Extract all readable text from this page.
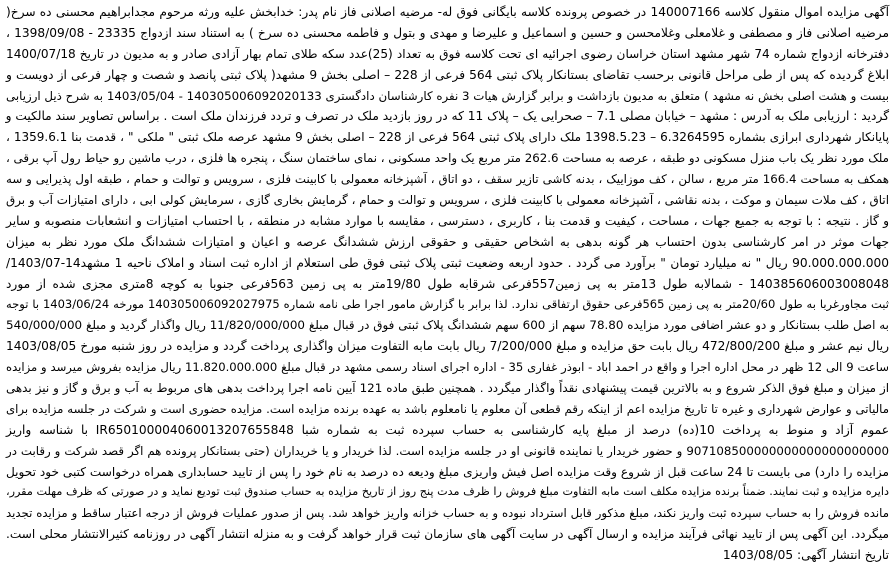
آگهی مزایده اموال منقول کلاسه 140007166 در خصوص پرونده کلاسه بایگانی فوق له- مرضیه اصلانی فاز نام پدر: خدابخش علیه ورثه مرحوم مجدابراهیم محسنی ده سرخ(
مرضیه اصلانی فاز و مصطفی و غلامعلی وغلامحسن و حسین و اسماعیل و علیرضا و مهدی و بتول و فاطمه محسنی ده سرخ ) به استناد سند ازدواج 23335 - 1398/09/08 ،
دفترخانه ازدواج شماره 74 شهر مشهد استان خراسان رضوی اجرائیه ای تحت کلاسه فوق به تعداد (25)عدد سکه طلای تمام بهار آزادی صادر و به مدیون در تاریخ 1400/07/18
ابلاغ گردیده که پس از طی مراحل قانونی برحسب تقاضای بستانکار پلاک ثبتی 564 فرعی از 228 – اصلی بخش 9 مشهد( پلاک ثبتی پانصد و شصت و چهار فرعی از دویست و
بیست و هشت اصلی بخش نه مشهد ) متعلق به مدیون بازداشت و برابر گزارش هیات 3 نفره کارشناسان دادگستری 140305006092020133 - 1403/05/04 به شرح ذیل ارزیابی
گردید : ارزیابی ملک به آدرس : مشهد – خیابان مصلی 7.1 – صحرایی یک – پلاک 11 که در روز بازدید ملک در تصرف و تردد فرزندان ملک است . براساس تصاویر سند مالکیت و
پایانکار شهرداری ابرازی بشماره 6.3264595 – 1398.5.23 ملک دارای پلاک ثبتی 564 فرعی از 228 – اصلی بخش 9 مشهد عرصه ملک ثبتی " ملکی " ، قدمت بنا 1359.6.1 ،
ملک مورد نظر یک باب منزل مسکونی دو طبقه ، عرصه به مساحت 262.6 متر مربع یک واحد مسکونی ، نمای ساختمان سنگ ، پنجره ها فلزی ، درب ماشین رو حیاط رول آپ برقی ،
همکف به مساحت 166.4 متر مربع ، سالن ، کف موزاییک ، بدنه کاشی تازیر سقف ، دو اتاق ، آشپزخانه معمولی با کابینت فلزی ، سرویس و توالت و حمام ، طبقه اول پذیرایی و سه
اتاق ، کف ملات سیمان و موکت ، بدنه نقاشی ، آشپزخانه معمولی با کابینت فلزی ، سرویس و توالت و حمام ، گرمایش بخاری گازی ، سرمایش کولی ابی ، دارای امتیازات آب و برق
و گاز . نتیجه : با توجه به جمیع جهات ، مساحت ، کیفیت و قدمت بنا ، کاربری ، دسترسی ، مقایسه با موارد مشابه در منطقه ، با احتساب امتیازات و انشعابات منصوبه و سایر
جهات موثر در امر کارشناسی بدون احتساب هر گونه بدهی به اشخاص حقیقی و حقوقی ارزش ششدانگ عرصه و اعیان و امتیازات ششدانگ ملک مورد نظر به میزان
90.000.000.000 ریال " نه میلیارد تومان " برآورد می گردد . حدود اربعه وضعیت ثبتی پلاک ثبتی فوق طی استعلام از اداره ثبت اسناد و املاک ناحیه 1 مشهد14-1403/07/
140385606003008048 - شمالابه طول 13متر به پی زمین557فرعی شرقابه طول 19/80متر به پی زمین 563فرعی جنوبا به کوچه 8متری مجزی شده از مورد
ثبت مجاورغربا به طول 20/60متر به پی زمین 565فرعی حقوق ارتفاقی ندارد. لذا برابر با گزارش مامور اجرا طی نامه شماره 140305006092027975 مورخه 1403/06/24 با توجه
به اصل طلب بستانکار و دو عشر اضافی مورد مزایده 78.80 سهم از 600 سهم ششدانگ پلاک ثبتی فوق در قبال مبلغ 11/820/000/000 ریال واگذار گردید و مبلغ 540/000/000
ریال نیم عشر و مبلغ 472/800/200 ریال بابت حق مزایده و مبلغ 7/200/000 ریال بابت مابه التفاوت میزان واگذاری پرداخت گردد و مزایده در روز شنبه مورخ 1403/08/05
ساعت 9 الی 12 ظهر در محل اداره اجرا و واقع در احمد اباد - ابوذر غفاری 35 - اداره اجرای اسناد رسمی مشهد در قبال مبلغ 11.820.000.000 ریال مزایده بفروش میرسد و مزایده
از میزان و مبلغ فوق الذکر شروع و به بالاترین قیمت پیشنهادی نقداً واگذار میگردد . همچنین طبق ماده 121 آیین نامه اجرا پرداخت بدهی های مربوط به آب و برق و گاز و نیز بدهی
مالیاتی و عوارض شهرداری و غیره تا تاریخ مزایده اعم از اینکه رقم قطعی آن معلوم یا نامعلوم باشد به عهده برنده مزایده است. مزایده حضوری است و شرکت در جلسه مزایده برای
عموم آزاد و منوط به پرداخت 10(ده) درصد از مبلغ پایه کارشناسی به حساب سپرده ثبت به شماره شبا IR650100004060013207655848 با شناسه واریز
907108500000000000000000000 و حضور خریدار یا نماینده قانونی او در جلسه مزایده است. لذا خریدار و یا خریداران (حتی بستانکار پرونده هم اگر قصد شرکت و رقابت در
مزایده را دارد) می بایست تا 24 ساعت قبل از شروع وقت مزایده اصل فیش واریزی مبلغ ودیعه ده درصد به نام خود را پس از تایید حسابداری همراه درخواست کتبی خود تحویل
دایره مزایده و ثبت نمایند. ضمناً برنده مزایده مکلف است مابه التفاوت مبلغ فروش را ظرف مدت پنج روز از تاریخ مزایده به حساب صندوق ثبت تودیع نماید و در صورتی که ظرف مهلت مقرر،
مانده فروش را به حساب سپرده ثبت واریز نکند، مبلغ مذکور قابل استرداد نبوده و به حساب خزانه واریز خواهد شد. پس از صدور عملیات فروش از درجه اعتبار ساقط و مزایده تجدید
میگردد. این آگهی پس از تایید نهائی فرآیند مزایده و ارسال آگهی در سایت آگهی های سازمان ثبت قرار خواهد گرفت و به منزله انتشار آگهی در روزنامه کثیرالانتشار محلی است.
تاریخ انتشار آگهی: 1403/08/05
